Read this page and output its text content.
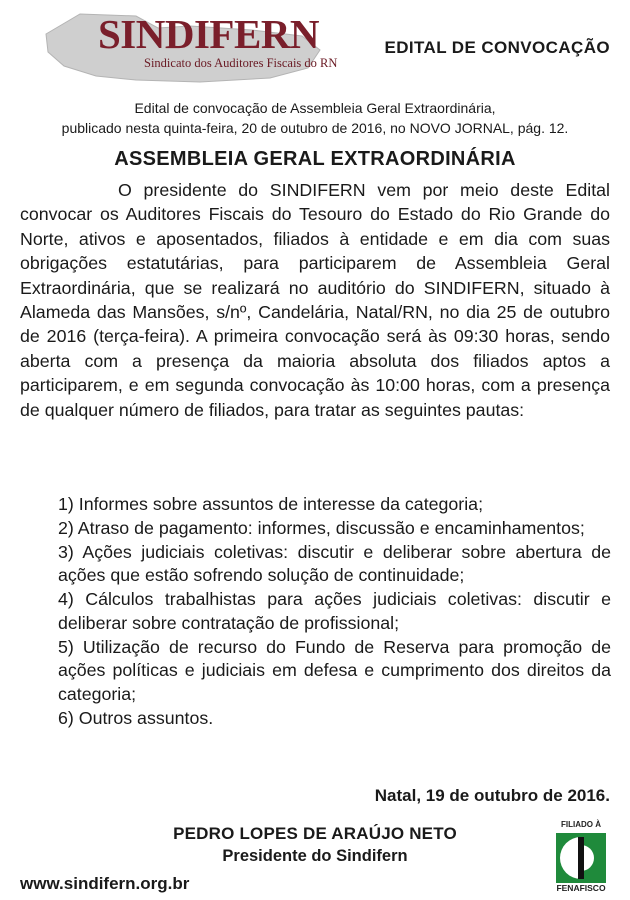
SINDIFERN
Sindicato dos Auditores Fiscais do RN
EDITAL DE CONVOCAÇÃO
Edital de convocação de Assembleia Geral Extraordinária,
publicado nesta quinta-feira, 20 de outubro de 2016, no NOVO JORNAL, pág. 12.
ASSEMBLEIA GERAL EXTRAORDINÁRIA

O presidente do SINDIFERN vem por meio deste Edital convocar os Auditores Fiscais do Tesouro do Estado do Rio Grande do Norte, ativos e aposentados, filiados à entidade e em dia com suas obrigações estatutárias, para participarem de Assembleia Geral Extraordinária, que se realizará no auditório do SINDIFERN, situado à Alameda das Mansões, s/nº, Candelária, Natal/RN, no dia 25 de outubro de 2016 (terça-feira). A primeira convocação será às 09:30 horas, sendo aberta com a presença da maioria absoluta dos filiados aptos a participarem, e em segunda convocação às 10:00 horas, com a presença de qualquer número de filiados, para tratar as seguintes pautas:

1) Informes sobre assuntos de interesse da categoria;
2) Atraso de pagamento: informes, discussão e encaminhamentos;
3) Ações judiciais coletivas: discutir e deliberar sobre abertura de ações que estão sofrendo solução de continuidade;
4) Cálculos trabalhistas para ações judiciais coletivas: discutir e deliberar sobre contratação de profissional;
5) Utilização de recurso do Fundo de Reserva para promoção de ações políticas e judiciais em defesa e cumprimento dos direitos da categoria;
6) Outros assuntos.
Natal, 19 de outubro de 2016.
PEDRO LOPES DE ARAÚJO NETO
Presidente do Sindifern
www.sindifern.org.br
FILIADO À
FENAFISCO
